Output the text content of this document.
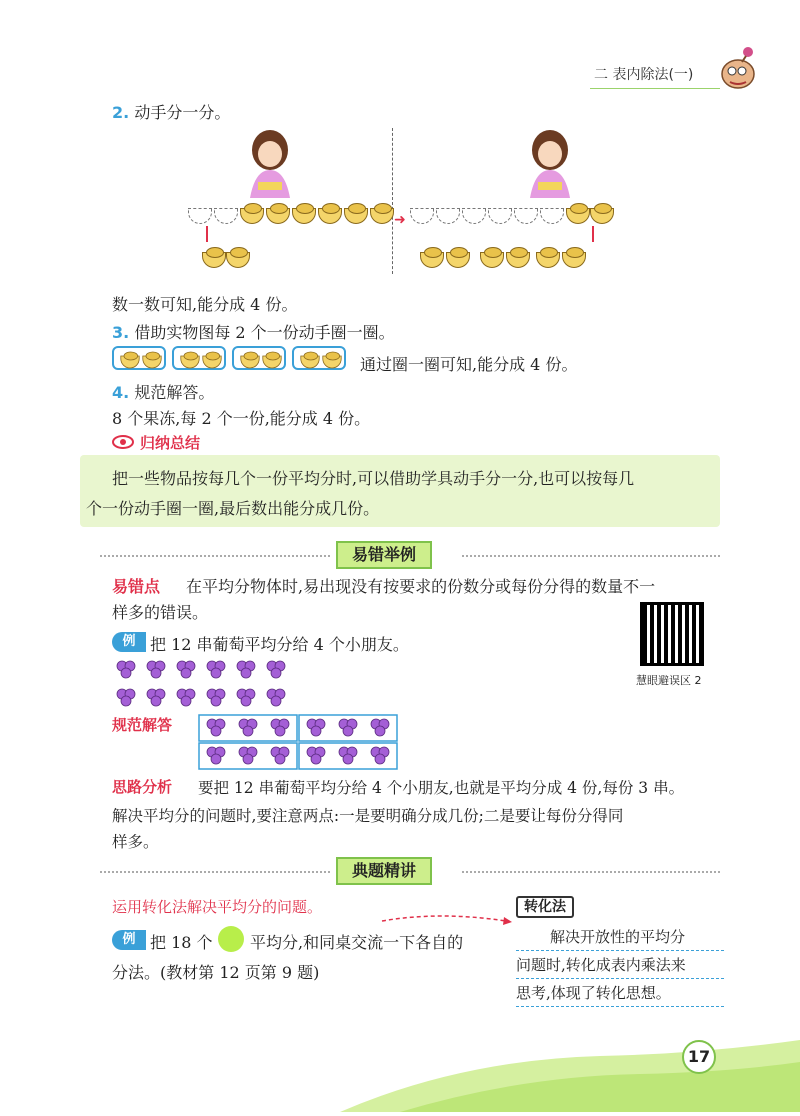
二 表内除法(一)
2. 动手分一分。
➜
数一数可知,能分成 4 份。
3. 借助实物图每 2 个一份动手圈一圈。
通过圈一圈可知,能分成 4 份。
4. 规范解答。
8 个果冻,每 2 个一份,能分成 4 份。
归纳总结
把一些物品按每几个一份平均分时,可以借助学具动手分一分,也可以按每几
个一份动手圈一圈,最后数出能分成几份。
易错举例
易错点 在平均分物体时,易出现没有按要求的份数分或每份分得的数量不一
样多的错误。
慧眼避误区 2
例 把 12 串葡萄平均分给 4 个小朋友。
规范解答
思路分析 要把 12 串葡萄平均分给 4 个小朋友,也就是平均分成 4 份,每份 3 串。
解决平均分的问题时,要注意两点:一是要明确分成几份;二是要让每份分得同
样多。
典题精讲
运用转化法解决平均分的问题。	转化法
解决开放性的平均分
问题时,转化成表内乘法来
思考,体现了转化思想。
例 把 18 个 平均分,和同桌交流一下各自的
分法。(教材第 12 页第 9 题)
17
